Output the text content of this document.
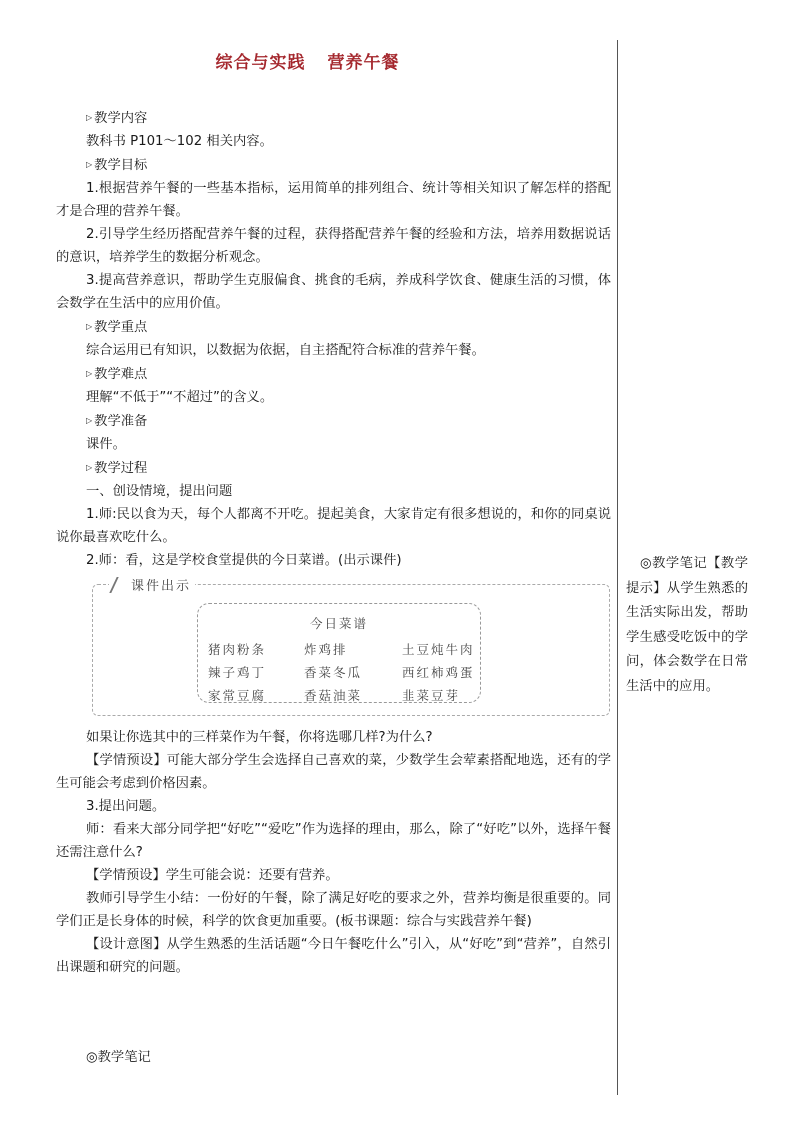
综合与实践 营养午餐

▷ 教学内容

教科书 P101～102 相关内容。

▷ 教学目标

1.根据营养午餐的一些基本指标，运用简单的排列组合、统计等相关知识了解怎样的搭配才是合理的营养午餐。

2.引导学生经历搭配营养午餐的过程，获得搭配营养午餐的经验和方法，培养用数据说话的意识，培养学生的数据分析观念。

3.提高营养意识，帮助学生克服偏食、挑食的毛病，养成科学饮食、健康生活的习惯，体会数学在生活中的应用价值。

▷ 教学重点

综合运用已有知识，以数据为依据，自主搭配符合标准的营养午餐。

▷ 教学难点

理解“不低于”“不超过”的含义。

▷ 教学准备

课件。

▷ 教学过程

一、创设情境，提出问题

1.师:民以食为天，每个人都离不开吃。提起美食，大家肯定有很多想说的，和你的同桌说说你最喜欢吃什么。

2.师：看，这是学校食堂提供的今日菜谱。(出示课件)

课件出示
今日菜谱
猪肉粉条	炸鸡排	土豆炖牛肉
辣子鸡丁	香菜冬瓜	西红柿鸡蛋
家常豆腐	香菇油菜	韭菜豆芽

如果让你选其中的三样菜作为午餐，你将选哪几样?为什么?

【学情预设】可能大部分学生会选择自己喜欢的菜，少数学生会荤素搭配地选，还有的学生可能会考虑到价格因素。

3.提出问题。

师：看来大部分同学把“好吃”“爱吃”作为选择的理由，那么，除了“好吃”以外，选择午餐还需注意什么?

【学情预设】学生可能会说：还要有营养。

教师引导学生小结：一份好的午餐，除了满足好吃的要求之外，营养均衡是很重要的。同学们正是长身体的时候，科学的饮食更加重要。(板书课题：综合与实践营养午餐)

【设计意图】从学生熟悉的生活话题“今日午餐吃什么”引入，从“好吃”到“营养”，自然引出课题和研究的问题。

◎教学笔记
◎教学笔记【教学提示】从学生熟悉的生活实际出发，帮助学生感受吃饭中的学问，体会数学在日常生活中的应用。
